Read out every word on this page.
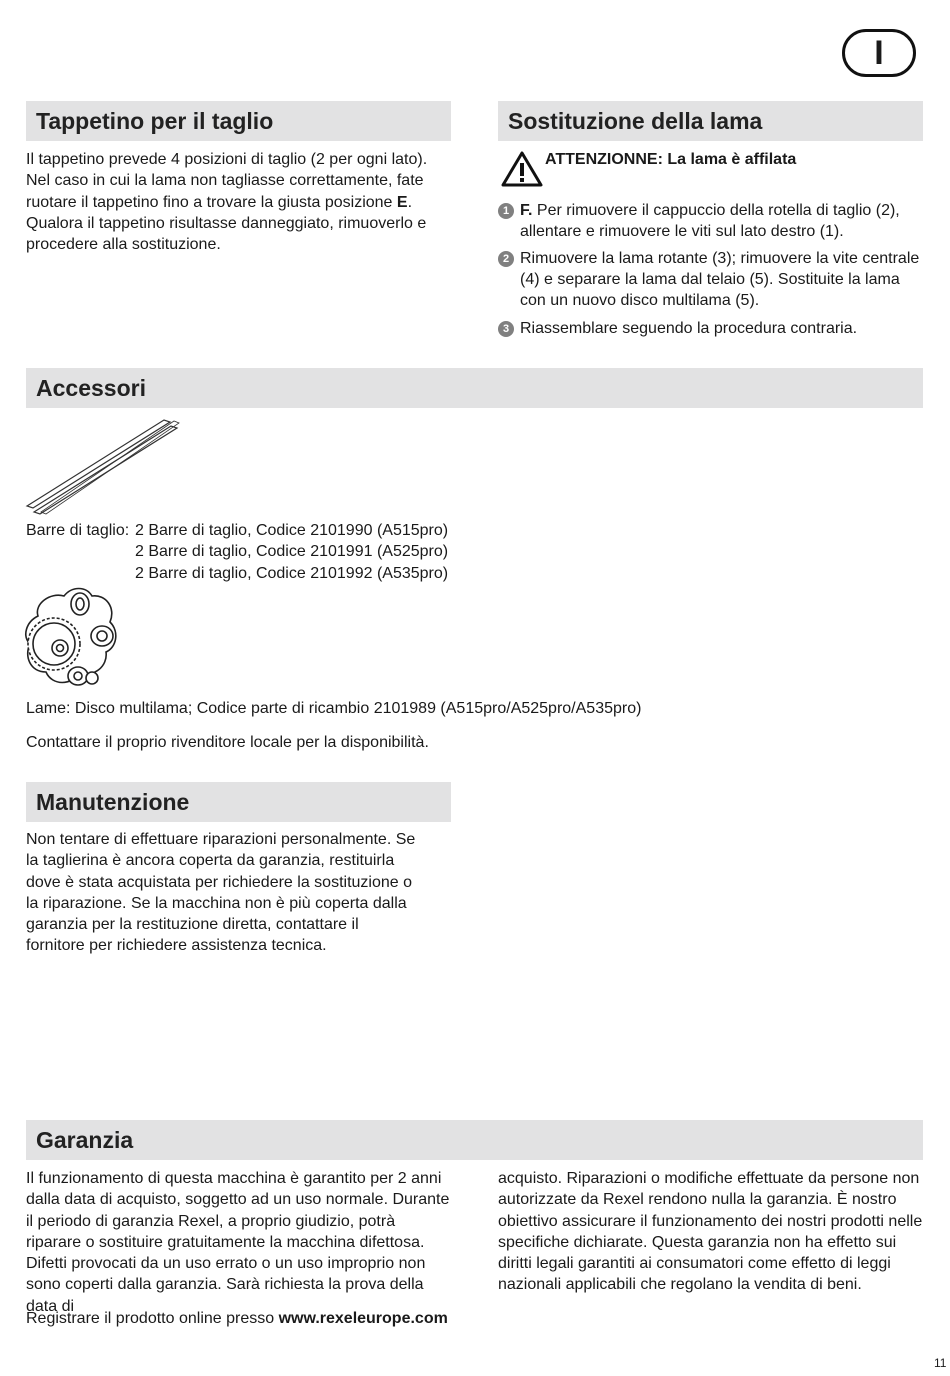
I
Tappetino per il taglio
Il tappetino prevede 4 posizioni di taglio (2 per ogni lato). Nel caso in cui la lama non tagliasse correttamente, fate ruotare il tappetino fino a trovare la giusta posizione E. Qualora il tappetino risultasse danneggiato, rimuoverlo e procedere alla sostituzione.
Sostituzione della lama
ATTENZIONNE: La lama è affilata
1 F. Per rimuovere il cappuccio della rotella di taglio (2), allentare e rimuovere le viti sul lato destro (1).
2 Rimuovere la lama rotante (3); rimuovere la vite centrale (4) e separare la lama dal telaio (5). Sostituite la lama con un nuovo disco multilama (5).
3 Riassemblare seguendo la procedura contraria.
Accessori
Barre di taglio: 2 Barre di taglio, Codice 2101990 (A515pro)
2 Barre di taglio, Codice 2101991 (A525pro)
2 Barre di taglio, Codice 2101992 (A535pro)
Lame: Disco multilama; Codice parte di ricambio 2101989 (A515pro/A525pro/A535pro)
Contattare il proprio rivenditore locale per la disponibilità.
Manutenzione
Non tentare di effettuare riparazioni personalmente. Se la taglierina è ancora coperta da garanzia, restituirla dove è stata acquistata per richiedere la sostituzione o la riparazione. Se la macchina non è più coperta dalla garanzia per la restituzione diretta, contattare il fornitore per richiedere assistenza tecnica.
Garanzia
Il funzionamento di questa macchina è garantito per 2 anni dalla data di acquisto, soggetto ad un uso normale. Durante il periodo di garanzia Rexel, a proprio giudizio, potrà riparare o sostituire gratuitamente la macchina difettosa. Difetti provocati da un uso errato o un uso improprio non sono coperti dalla garanzia. Sarà richiesta la prova della data di
acquisto. Riparazioni o modifiche effettuate da persone non autorizzate da Rexel rendono nulla la garanzia. È nostro obiettivo assicurare il funzionamento dei nostri prodotti nelle specifiche dichiarate. Questa garanzia non ha effetto sui diritti legali garantiti ai consumatori come effetto di leggi nazionali applicabili che regolano la vendita di beni.
Registrare il prodotto online presso www.rexeleurope.com
11
